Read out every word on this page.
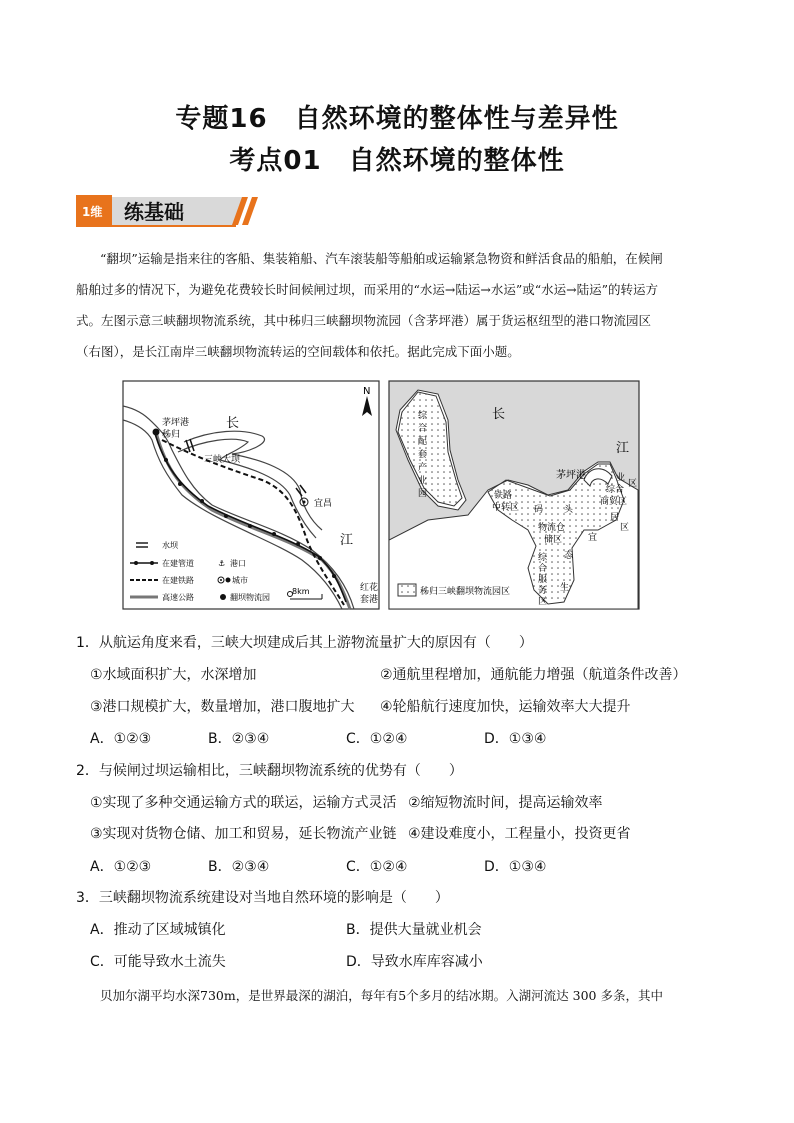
专题16　自然环境的整体性与差异性
考点01　自然环境的整体性
1维 练基础
“翻坝”运输是指来往的客船、集装箱船、汽车滚装船等船舶或运输紧急物资和鲜活食品的船舶，在候闸
船舶过多的情况下，为避免花费较长时间候闸过坝，而采用的“水运→陆运→水运”或“水运→陆运”的转运方
式。左图示意三峡翻坝物流系统，其中秭归三峡翻坝物流园（含茅坪港）属于货运枢纽型的港口物流园区
（右图），是长江南岸三峡翻坝物流转运的空间载体和依托。据此完成下面小题。
茅坪港
秭归
长
三峡大坝
宜昌
江
红花
套港
N
水坝
在建管道	⚓ 港口
在建铁路	城市
高速公路	翻坝物流园
8km
长
江
茅坪港
综
合
配
套
产
业
园	铁路
中转区 码 头
物流仓
储区
综合
商贸区
宜
业
区
居
区
综
合
服
务
区
态
生
秭归三峡翻坝物流园区
1．从航运角度来看，三峡大坝建成后其上游物流量扩大的原因有（　　）
①水域面积扩大，水深增加	②通航里程增加，通航能力增强（航道条件改善）
③港口规模扩大，数量增加，港口腹地扩大 ④轮船航行速度加快，运输效率大大提升
A．①②③	B．②③④	C．①②④	D．①③④
2．与候闸过坝运输相比，三峡翻坝物流系统的优势有（　　）
①实现了多种交通运输方式的联运，运输方式灵活 ②缩短物流时间，提高运输效率
③实现对货物仓储、加工和贸易，延长物流产业链 ④建设难度小，工程量小，投资更省
A．①②③	B．②③④	C．①②④	D．①③④
3．三峡翻坝物流系统建设对当地自然环境的影响是（　　）
A．推动了区域城镇化	B．提供大量就业机会
C．可能导致水土流失	D．导致水库库容减小
贝加尔湖平均水深730m，是世界最深的湖泊，每年有5个多月的结冰期。入湖河流达 300 多条，其中
